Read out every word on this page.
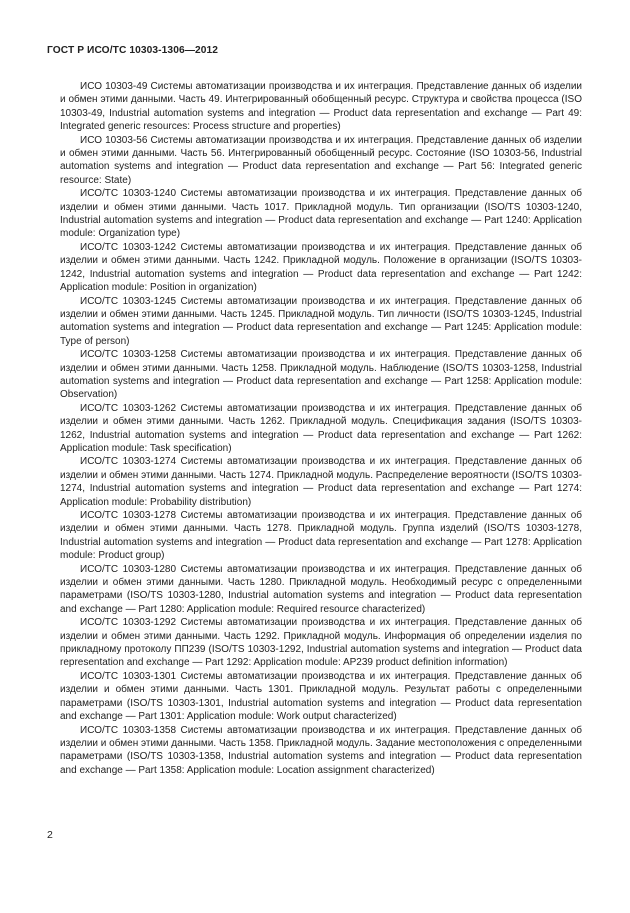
ГОСТ Р ИСО/ТС 10303-1306—2012

ИСО 10303-49 Системы автоматизации производства и их интеграция. Представление данных об изделии и обмен этими данными. Часть 49. Интегрированный обобщенный ресурс. Структура и свойства процесса (ISO 10303-49, Industrial automation systems and integration — Product data representation and exchange — Part 49: Integrated generic resources: Process structure and properties)

ИСО 10303-56 Системы автоматизации производства и их интеграция. Представление данных об изделии и обмен этими данными. Часть 56. Интегрированный обобщенный ресурс. Состояние (ISO 10303-56, Industrial automation systems and integration — Product data representation and exchange — Part 56: Integrated generic resource: State)

ИСО/ТС 10303-1240 Системы автоматизации производства и их интеграция. Представление данных об изделии и обмен этими данными. Часть 1017. Прикладной модуль. Тип организации (ISO/TS 10303-1240, Industrial automation systems and integration — Product data representation and exchange — Part 1240: Application module: Organization type)

ИСО/ТС 10303-1242 Системы автоматизации производства и их интеграция. Представление данных об изделии и обмен этими данными. Часть 1242. Прикладной модуль. Положение в организации (ISO/TS 10303-1242, Industrial automation systems and integration — Product data representation and exchange — Part 1242: Application module: Position in organization)

ИСО/ТС 10303-1245 Системы автоматизации производства и их интеграция. Представление данных об изделии и обмен этими данными. Часть 1245. Прикладной модуль. Тип личности (ISO/TS 10303-1245, Industrial automation systems and integration — Product data representation and exchange — Part 1245: Application module: Type of person)

ИСО/ТС 10303-1258 Системы автоматизации производства и их интеграция. Представление данных об изделии и обмен этими данными. Часть 1258. Прикладной модуль. Наблюдение (ISO/TS 10303-1258, Industrial automation systems and integration — Product data representation and exchange — Part 1258: Application module: Observation)

ИСО/ТС 10303-1262 Системы автоматизации производства и их интеграция. Представление данных об изделии и обмен этими данными. Часть 1262. Прикладной модуль. Спецификация задания (ISO/TS 10303-1262, Industrial automation systems and integration — Product data representation and exchange — Part 1262: Application module: Task specification)

ИСО/ТС 10303-1274 Системы автоматизации производства и их интеграция. Представление данных об изделии и обмен этими данными. Часть 1274. Прикладной модуль. Распределение вероятности (ISO/TS 10303-1274, Industrial automation systems and integration — Product data representation and exchange — Part 1274: Application module: Probability distribution)

ИСО/ТС 10303-1278 Системы автоматизации производства и их интеграция. Представление данных об изделии и обмен этими данными. Часть 1278. Прикладной модуль. Группа изделий (ISO/TS 10303-1278, Industrial automation systems and integration — Product data representation and exchange — Part 1278: Application module: Product group)

ИСО/ТС 10303-1280 Системы автоматизации производства и их интеграция. Представление данных об изделии и обмен этими данными. Часть 1280. Прикладной модуль. Необходимый ресурс с определенными параметрами (ISO/TS 10303-1280, Industrial automation systems and integration — Product data representation and exchange — Part 1280: Application module: Required resource characterized)

ИСО/ТС 10303-1292 Системы автоматизации производства и их интеграция. Представление данных об изделии и обмен этими данными. Часть 1292. Прикладной модуль. Информация об определении изделия по прикладному протоколу ПП239 (ISO/TS 10303-1292, Industrial automation systems and integration — Product data representation and exchange — Part 1292: Application module: AP239 product definition information)

ИСО/ТС 10303-1301 Системы автоматизации производства и их интеграция. Представление данных об изделии и обмен этими данными. Часть 1301. Прикладной модуль. Результат работы с определенными параметрами (ISO/TS 10303-1301, Industrial automation systems and integration — Product data representation and exchange — Part 1301: Application module: Work output characterized)

ИСО/ТС 10303-1358 Системы автоматизации производства и их интеграция. Представление данных об изделии и обмен этими данными. Часть 1358. Прикладной модуль. Задание местоположения с определенными параметрами (ISO/TS 10303-1358, Industrial automation systems and integration — Product data representation and exchange — Part 1358: Application module: Location assignment characterized)

2
